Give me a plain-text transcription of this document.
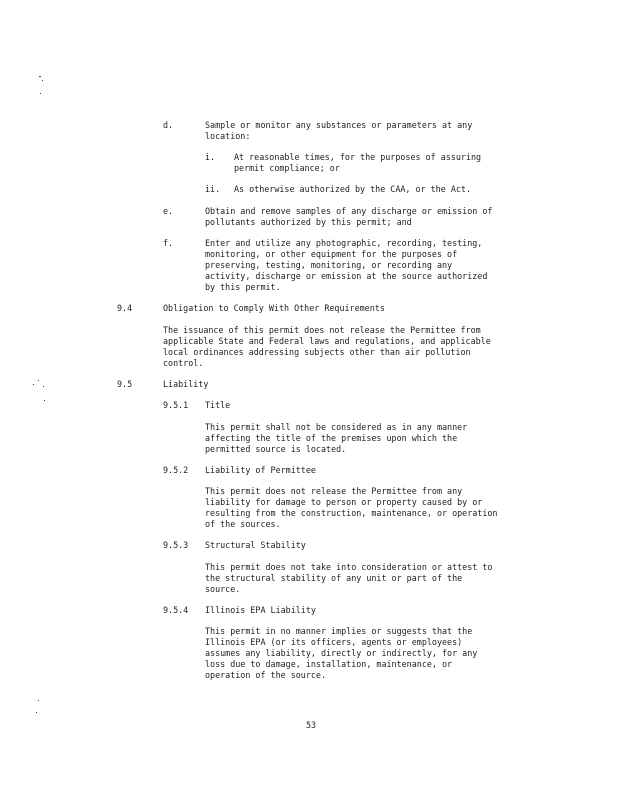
d.	Sample or monitor any substances or parameters at any
location:
i. At reasonable times, for the purposes of assuring
permit compliance; or
ii. As otherwise authorized by the CAA, or the Act.
e.	Obtain and remove samples of any discharge or emission of
pollutants authorized by this permit; and
f.	Enter and utilize any photographic, recording, testing,
monitoring, or other equipment for the purposes of
preserving, testing, monitoring, or recording any
activity, discharge or emission at the source authorized
by this permit.
9.4	Obligation to Comply With Other Requirements
The issuance of this permit does not release the Permittee from
applicable State and Federal laws and regulations, and applicable
local ordinances addressing subjects other than air pollution
control.
9.5	Liability
9.5.1 Title
This permit shall not be considered as in any manner
affecting the title of the premises upon which the
permitted source is located.
9.5.2 Liability of Permittee
This permit does not release the Permittee from any
liability for damage to person or property caused by or
resulting from the construction, maintenance, or operation
of the sources.
9.5.3 Structural Stability
This permit does not take into consideration or attest to
the structural stability of any unit or part of the
source.
9.5.4 Illinois EPA Liability
This permit in no manner implies or suggests that the
Illinois EPA (or its officers, agents or employees)
assumes any liability, directly or indirectly, for any
loss due to damage, installation, maintenance, or
operation of the source.
53
